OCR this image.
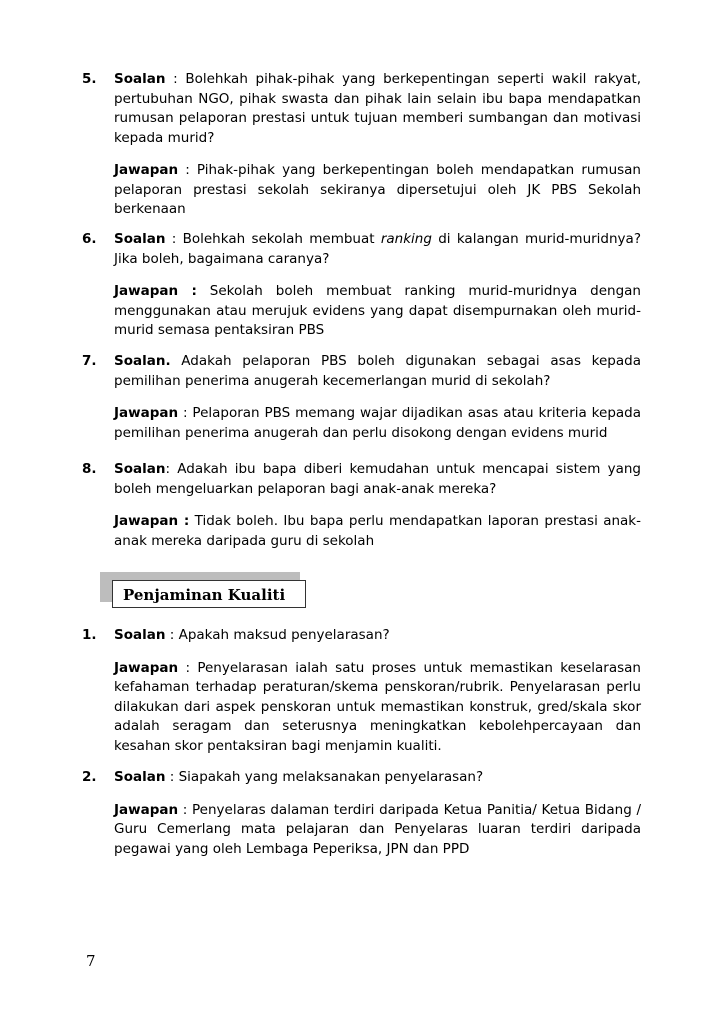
5. Soalan : Bolehkah pihak-pihak yang berkepentingan seperti wakil rakyat, pertubuhan NGO, pihak swasta dan pihak lain selain ibu bapa mendapatkan rumusan pelaporan prestasi untuk tujuan memberi sumbangan dan motivasi kepada murid?

Jawapan : Pihak-pihak yang berkepentingan boleh mendapatkan rumusan pelaporan prestasi sekolah sekiranya dipersetujui oleh JK PBS Sekolah berkenaan

6. Soalan : Bolehkah sekolah membuat ranking di kalangan murid-muridnya? Jika boleh, bagaimana caranya?

Jawapan : Sekolah boleh membuat ranking murid-muridnya dengan menggunakan atau merujuk evidens yang dapat disempurnakan oleh murid-murid semasa pentaksiran PBS

7. Soalan. Adakah pelaporan PBS boleh digunakan sebagai asas kepada pemilihan penerima anugerah kecemerlangan murid di sekolah?

Jawapan : Pelaporan PBS memang wajar dijadikan asas atau kriteria kepada pemilihan penerima anugerah dan perlu disokong dengan evidens murid

8. Soalan: Adakah ibu bapa diberi kemudahan untuk mencapai sistem yang boleh mengeluarkan pelaporan bagi anak-anak mereka?

Jawapan : Tidak boleh. Ibu bapa perlu mendapatkan laporan prestasi anak-anak mereka daripada guru di sekolah

Penjaminan Kualiti
1. Soalan : Apakah maksud penyelarasan?

Jawapan : Penyelarasan ialah satu proses untuk memastikan keselarasan kefahaman terhadap peraturan/skema penskoran/rubrik. Penyelarasan perlu dilakukan dari aspek penskoran untuk memastikan konstruk, gred/skala skor adalah seragam dan seterusnya meningkatkan kebolehpercayaan dan kesahan skor pentaksiran bagi menjamin kualiti.

2. Soalan : Siapakah yang melaksanakan penyelarasan?

Jawapan : Penyelaras dalaman terdiri daripada Ketua Panitia/ Ketua Bidang / Guru Cemerlang mata pelajaran dan Penyelaras luaran terdiri daripada pegawai yang oleh Lembaga Peperiksa, JPN dan PPD

7
